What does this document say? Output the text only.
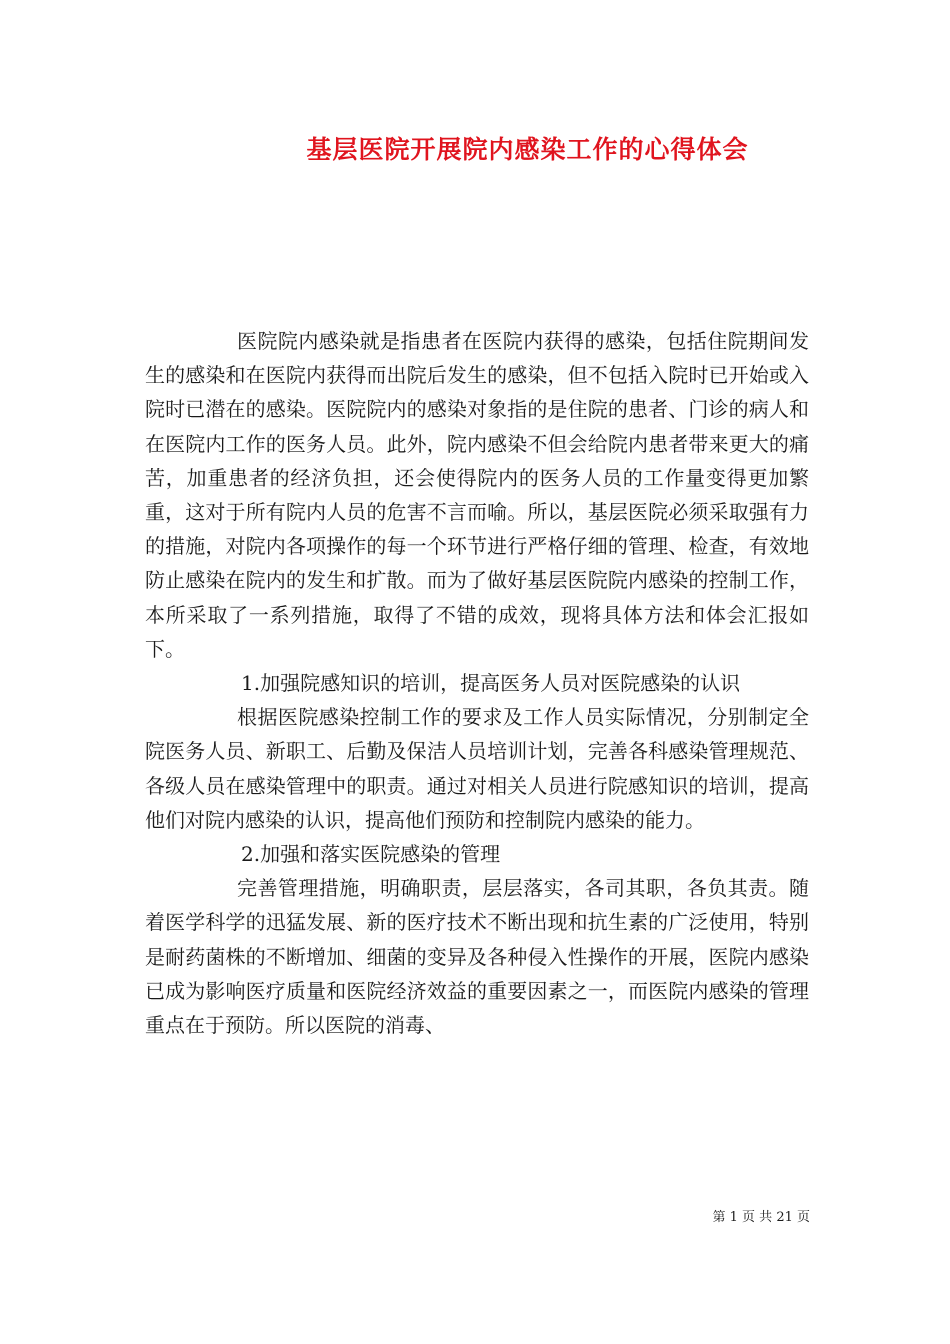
基层医院开展院内感染工作的心得体会

医院院内感染就是指患者在医院内获得的感染，包括住院期间发生的感染和在医院内获得而出院后发生的感染，但不包括入院时已开始或入院时已潜在的感染。医院院内的感染对象指的是住院的患者、门诊的病人和在医院内工作的医务人员。此外，院内感染不但会给院内患者带来更大的痛苦，加重患者的经济负担，还会使得院内的医务人员的工作量变得更加繁重，这对于所有院内人员的危害不言而喻。所以，基层医院必须采取强有力的措施，对院内各项操作的每一个环节进行严格仔细的管理、检查，有效地防止感染在院内的发生和扩散。而为了做好基层医院院内感染的控制工作，本所采取了一系列措施，取得了不错的成效，现将具体方法和体会汇报如下。

1.加强院感知识的培训，提高医务人员对医院感染的认识

根据医院感染控制工作的要求及工作人员实际情况，分别制定全院医务人员、新职工、后勤及保洁人员培训计划，完善各科感染管理规范、各级人员在感染管理中的职责。通过对相关人员进行院感知识的培训，提高他们对院内感染的认识，提高他们预防和控制院内感染的能力。

2.加强和落实医院感染的管理

完善管理措施，明确职责，层层落实，各司其职，各负其责。随着医学科学的迅猛发展、新的医疗技术不断出现和抗生素的广泛使用，特别是耐药菌株的不断增加、细菌的变异及各种侵入性操作的开展，医院内感染已成为影响医疗质量和医院经济效益的重要因素之一，而医院内感染的管理重点在于预防。所以医院的消毒、

第 1 页 共 21 页
